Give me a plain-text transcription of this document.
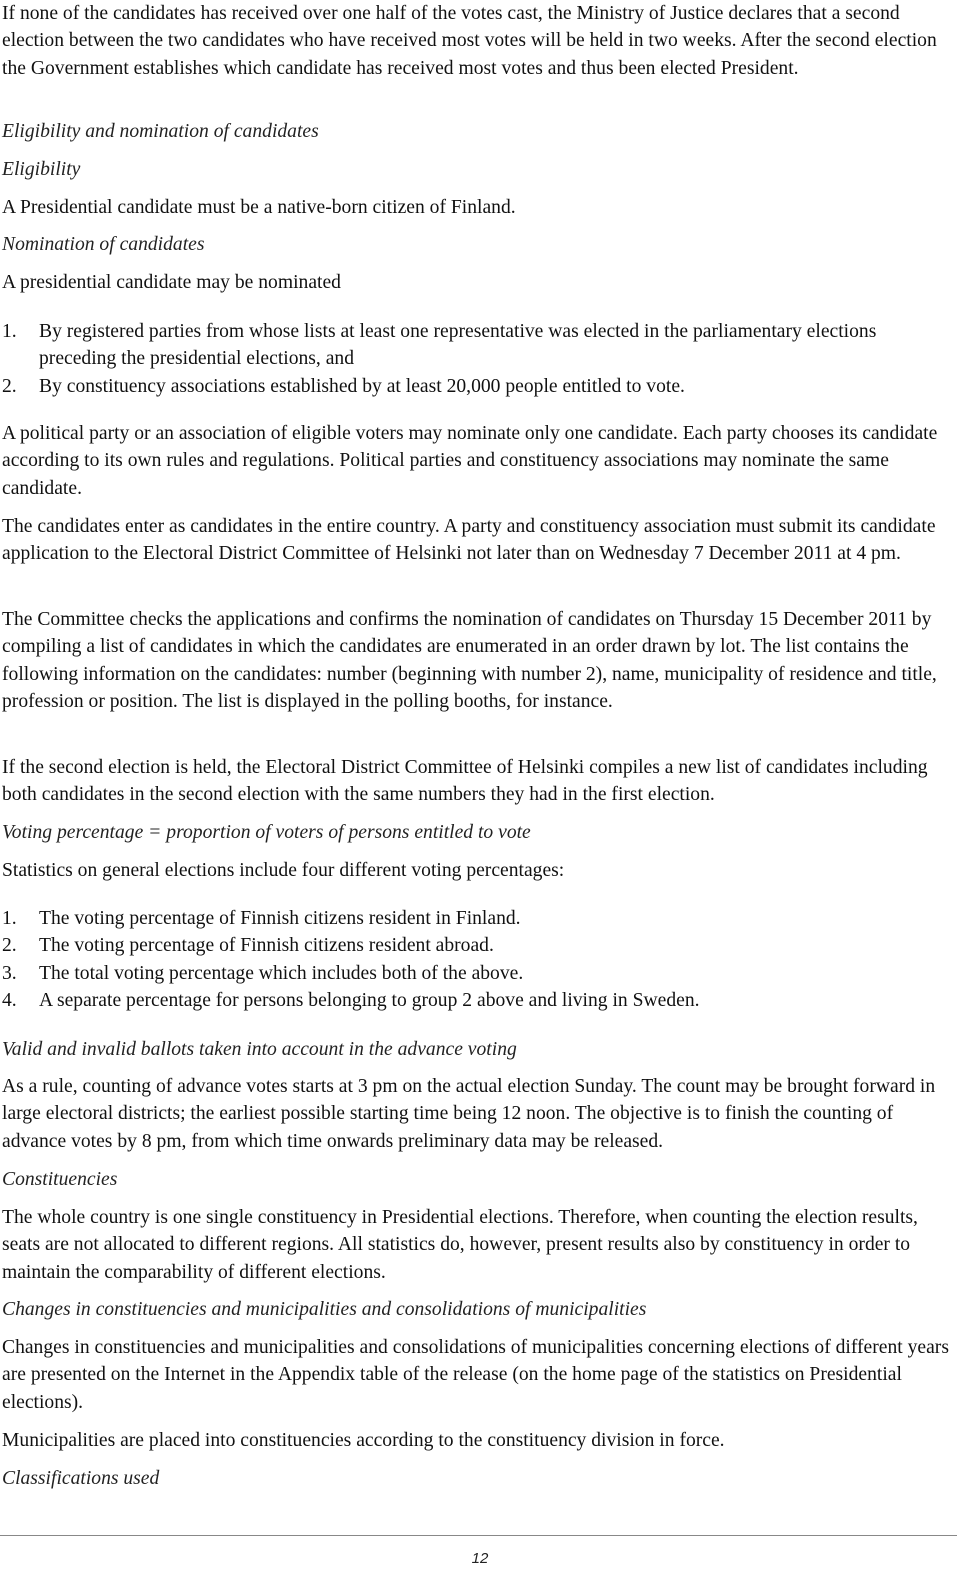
If none of the candidates has received over one half of the votes cast, the Ministry of Justice declares that a second election between the two candidates who have received most votes will be held in two weeks. After the second election the Government establishes which candidate has received most votes and thus been elected President.

Eligibility and nomination of candidates

Eligibility

A Presidential candidate must be a native-born citizen of Finland.

Nomination of candidates

A presidential candidate may be nominated

1. By registered parties from whose lists at least one representative was elected in the parliamentary elections preceding the presidential elections, and
2. By constituency associations established by at least 20,000 people entitled to vote.

A political party or an association of eligible voters may nominate only one candidate. Each party chooses its candidate according to its own rules and regulations. Political parties and constituency associations may nominate the same candidate.

The candidates enter as candidates in the entire country. A party and constituency association must submit its candidate application to the Electoral District Committee of Helsinki not later than on Wednesday 7 December 2011 at 4 pm.

The Committee checks the applications and confirms the nomination of candidates on Thursday 15 December 2011 by compiling a list of candidates in which the candidates are enumerated in an order drawn by lot. The list contains the following information on the candidates: number (beginning with number 2), name, municipality of residence and title, profession or position. The list is displayed in the polling booths, for instance.

If the second election is held, the Electoral District Committee of Helsinki compiles a new list of candidates including both candidates in the second election with the same numbers they had in the first election.

Voting percentage = proportion of voters of persons entitled to vote

Statistics on general elections include four different voting percentages:

1. The voting percentage of Finnish citizens resident in Finland.
2. The voting percentage of Finnish citizens resident abroad.
3. The total voting percentage which includes both of the above.
4. A separate percentage for persons belonging to group 2 above and living in Sweden.

Valid and invalid ballots taken into account in the advance voting

As a rule, counting of advance votes starts at 3 pm on the actual election Sunday. The count may be brought forward in large electoral districts; the earliest possible starting time being 12 noon. The objective is to finish the counting of advance votes by 8 pm, from which time onwards preliminary data may be released.

Constituencies

The whole country is one single constituency in Presidential elections. Therefore, when counting the election results, seats are not allocated to different regions. All statistics do, however, present results also by constituency in order to maintain the comparability of different elections.

Changes in constituencies and municipalities and consolidations of municipalities

Changes in constituencies and municipalities and consolidations of municipalities concerning elections of different years are presented on the Internet in the Appendix table of the release (on the home page of the statistics on Presidential elections).

Municipalities are placed into constituencies according to the constituency division in force.

Classifications used

12
